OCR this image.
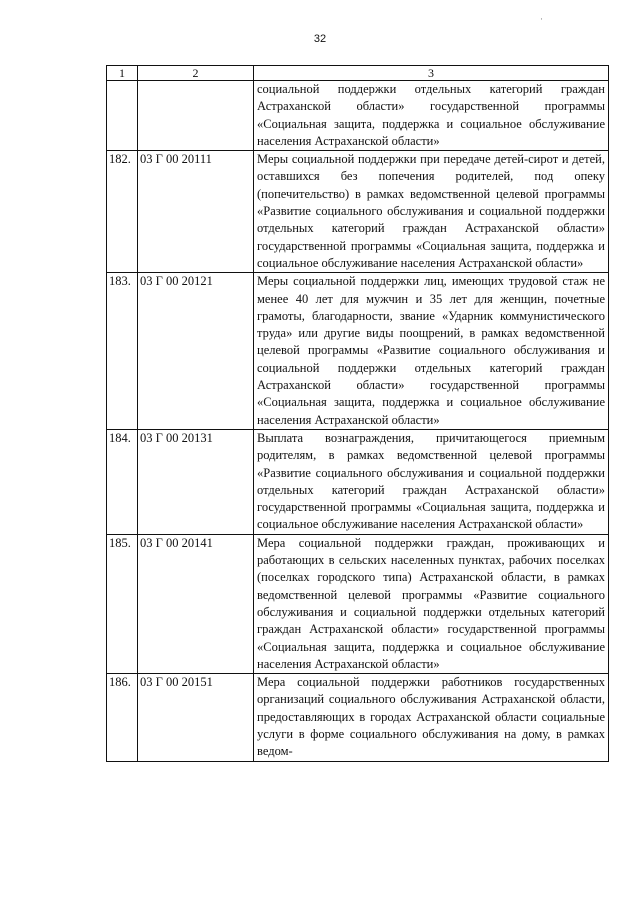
32
·
1	2	3
		социальной поддержки отдельных категорий граждан Астраханской области» государственной программы «Социальная защита, поддержка и социальное обслуживание населения Астраханской области»
182.	03 Г 00 20111	Меры социальной поддержки при передаче детей-сирот и детей, оставшихся без попечения родителей, под опеку (попечительство) в рамках ведомственной целевой программы «Развитие социального обслуживания и социальной поддержки отдельных категорий граждан Астраханской области» государственной программы «Социальная защита, поддержка и социальное обслуживание населения Астраханской области»
183.	03 Г 00 20121	Меры социальной поддержки лиц, имеющих трудовой стаж не менее 40 лет для мужчин и 35 лет для женщин, почетные грамоты, благодарности, звание «Ударник коммунистического труда» или другие виды поощрений, в рамках ведомственной целевой программы «Развитие социального обслуживания и социальной поддержки отдельных категорий граждан Астраханской области» государственной программы «Социальная защита, поддержка и социальное обслуживание населения Астраханской области»
184.	03 Г 00 20131	Выплата вознаграждения, причитающегося приемным родителям, в рамках ведомственной целевой программы «Развитие социального обслуживания и социальной поддержки отдельных категорий граждан Астраханской области» государственной программы «Социальная защита, поддержка и социальное обслуживание населения Астраханской области»
185.	03 Г 00 20141	Мера социальной поддержки граждан, проживающих и работающих в сельских населенных пунктах, рабочих поселках (поселках городского типа) Астраханской области, в рамках ведомственной целевой программы «Развитие социального обслуживания и социальной поддержки отдельных категорий граждан Астраханской области» государственной программы «Социальная защита, поддержка и социальное обслуживание населения Астраханской области»
186.	03 Г 00 20151	Мера социальной поддержки работников государственных организаций социального обслуживания Астраханской области, предоставляющих в городах Астраханской области социальные услуги в форме социального обслуживания на дому, в рамках ведом-
